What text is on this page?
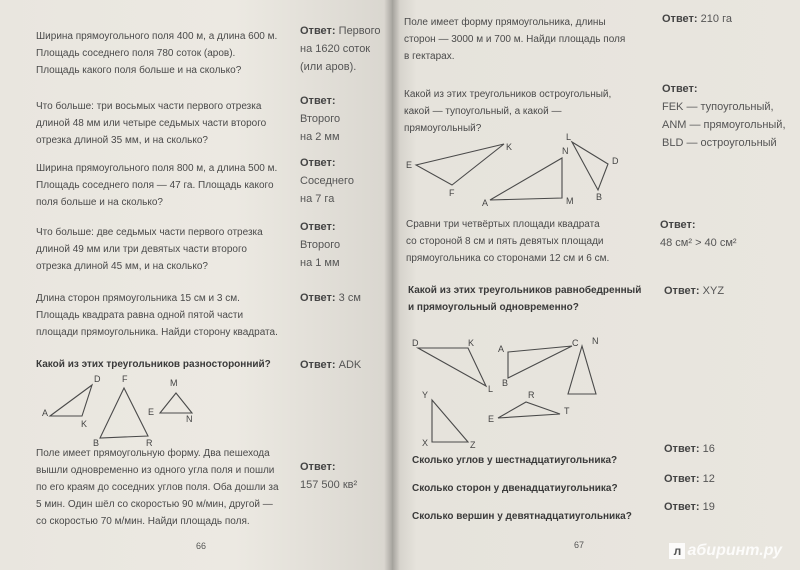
Ширина прямоугольного поля 400 м, а длина 600 м.
Площадь соседнего поля 780 соток (аров).
Площадь какого поля больше и на сколько?
Ответ: Первого
на 1620 соток
(или аров).
Что больше: три восьмых части первого отрезка
длиной 48 мм или четыре седьмых части второго
отрезка длиной 35 мм, и на сколько?
Ответ:
Второго
на 2 мм
Ширина прямоугольного поля 800 м, а длина 500 м.
Площадь соседнего поля — 47 га. Площадь какого
поля больше и на сколько?
Ответ:
Соседнего
на 7 га
Что больше: две седьмых части первого отрезка
длиной 49 мм или три девятых части второго
отрезка длиной 45 мм, и на сколько?
Ответ:
Второго
на 1 мм
Длина сторон прямоугольника 15 см и 3 см.
Площадь квадрата равна одной пятой части
площади прямоугольника. Найди сторону квадрата.
Ответ: 3 см
Какой из этих треугольников разносторонний?	Ответ: ADK
D
A
K
F
B	R
M
E
N
Поле имеет прямоугольную форму. Два пешехода
вышли одновременно из одного угла поля и пошли
по его краям до соседних углов поля. Оба дошли за
5 мин. Один шёл со скоростью 90 м/мин, другой —
со скоростью 70 м/мин. Найди площадь поля.
Ответ:
157 500 кв²
66
Поле имеет форму прямоугольника, длины
сторон — 3000 м и 700 м. Найди площадь поля
в гектарах.
Ответ: 210 га
Какой из этих треугольников остроугольный,
какой — тупоугольный, а какой —
прямоугольный?
Ответ:
FEK — тупоугольный,
ANM — прямоугольный,
BLD — остроугольный
K
E
F
L
N
D
A	M	B
Сравни три четвёртых площади квадрата
со стороной 8 см и пять девятых площади
прямоугольника со сторонами 12 см и 6 см.
Ответ:
48 см² > 40 см²
Какой из этих треугольников равнобедренный
и прямоугольный одновременно?
Ответ: XYZ
D	K
L
A
C
B
N
Y	R
E
T
X	Z
Сколько углов у шестнадцатиугольника?
Ответ: 16
Сколько сторон у двенадцатиугольника?
Ответ: 12
Сколько вершин у девятнадцатиугольника?
Ответ: 19
67	л абиринт.ру
